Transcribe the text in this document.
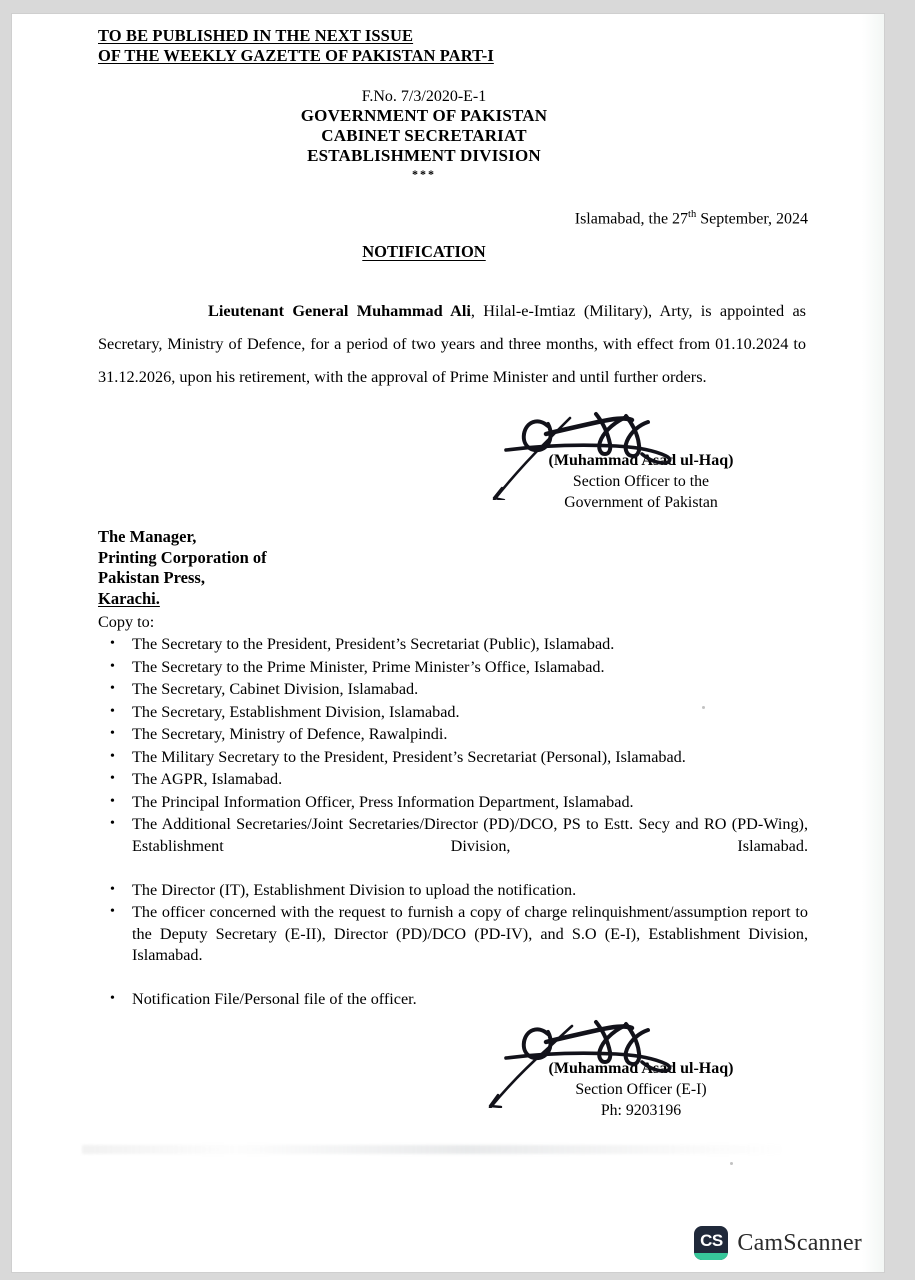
TO BE PUBLISHED IN THE NEXT ISSUE
OF THE WEEKLY GAZETTE OF PAKISTAN PART-I
F.No. 7/3/2020-E-1
GOVERNMENT OF PAKISTAN
CABINET SECRETARIAT
ESTABLISHMENT DIVISION
***
Islamabad, the 27th September, 2024
NOTIFICATION
Lieutenant General Muhammad Ali, Hilal-e-Imtiaz (Military), Arty, is appointed as Secretary, Ministry of Defence, for a period of two years and three months, with effect from 01.10.2024 to 31.12.2026, upon his retirement, with the approval of Prime Minister and until further orders.
(Muhammad Asad ul-Haq)
Section Officer to the
Government of Pakistan
The Manager,
Printing Corporation of
Pakistan Press,
Karachi.
Copy to:
• The Secretary to the President, President’s Secretariat (Public), Islamabad.
• The Secretary to the Prime Minister, Prime Minister’s Office, Islamabad.
• The Secretary, Cabinet Division, Islamabad.
• The Secretary, Establishment Division, Islamabad.
• The Secretary, Ministry of Defence, Rawalpindi.
• The Military Secretary to the President, President’s Secretariat (Personal), Islamabad.
• The AGPR, Islamabad.
• The Principal Information Officer, Press Information Department, Islamabad.
• The Additional Secretaries/Joint Secretaries/Director (PD)/DCO, PS to Estt. Secy and RO (PD-Wing), Establishment Division, Islamabad.
• The Director (IT), Establishment Division to upload the notification.
• The officer concerned with the request to furnish a copy of charge relinquishment/assumption report to the Deputy Secretary (E-II), Director (PD)/DCO (PD-IV), and S.O (E-I), Establishment Division, Islamabad.
• Notification File/Personal file of the officer.
(Muhammad Asad ul-Haq)
Section Officer (E-I)
Ph: 9203196
CS CamScanner
